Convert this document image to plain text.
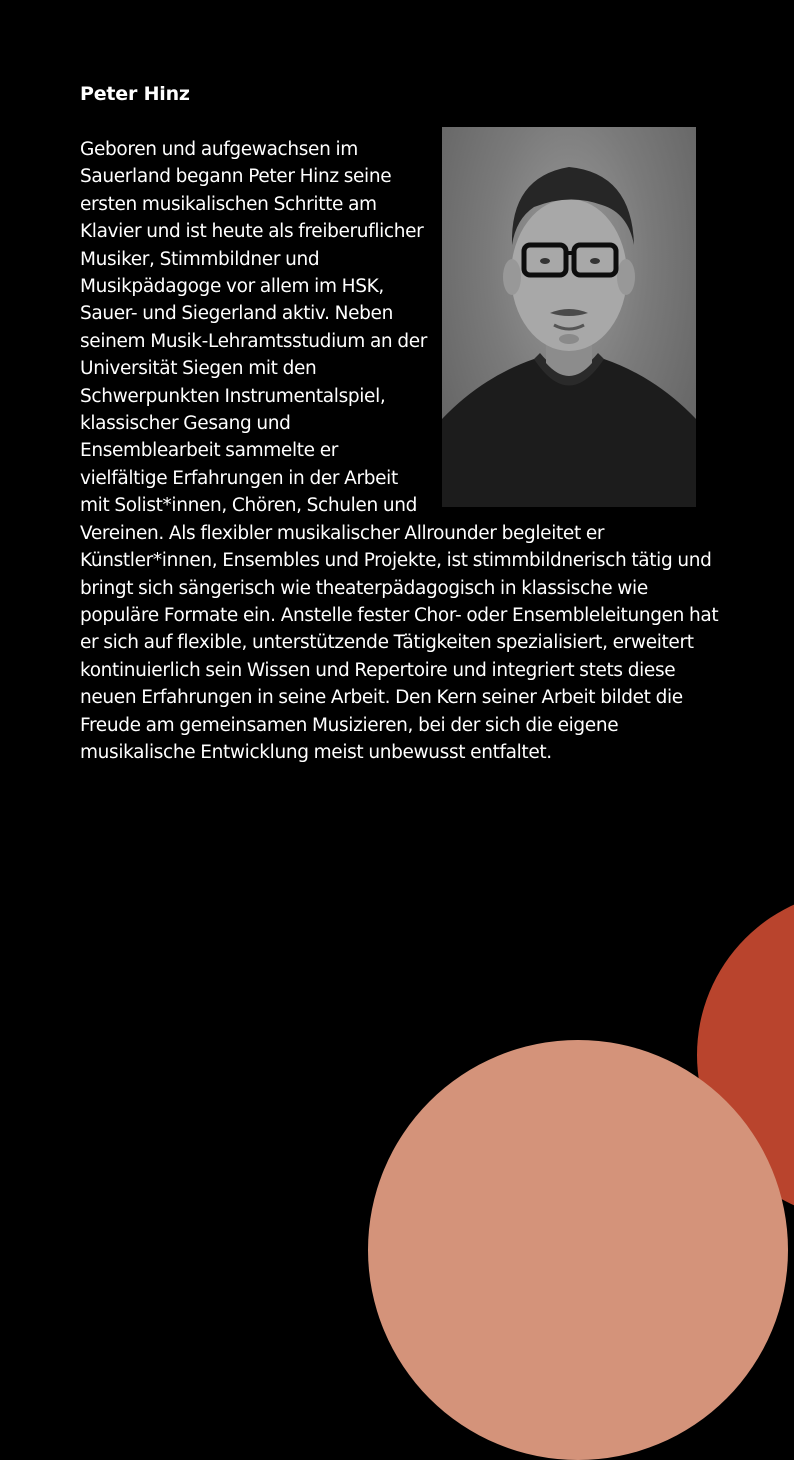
Peter Hinz

Geboren und aufgewachsen im Sauerland begann Peter Hinz seine ersten musikalischen Schritte am Klavier und ist heute als freiberuflicher Musiker, Stimmbildner und Musikpädagoge vor allem im HSK, Sauer- und Siegerland aktiv. Neben seinem Musik-Lehramtsstudium an der Universität Siegen mit den Schwerpunkten Instrumentalspiel, klassischer Gesang und Ensemblearbeit sammelte er vielfältige Erfahrungen in der Arbeit mit Solist*innen, Chören, Schulen und Vereinen. Als flexibler musikalischer Allrounder begleitet er Künstler*innen, Ensembles und Projekte, ist stimmbildnerisch tätig und bringt sich sängerisch wie theaterpädagogisch in klassische wie populäre Formate ein. Anstelle fester Chor- oder Ensembleleitungen hat er sich auf flexible, unterstützende Tätigkeiten spezialisiert, erweitert kontinuierlich sein Wissen und Repertoire und integriert stets diese neuen Erfahrungen in seine Arbeit. Den Kern seiner Arbeit bildet die Freude am gemeinsamen Musizieren, bei der sich die eigene musikalische Entwicklung meist unbewusst entfaltet.
